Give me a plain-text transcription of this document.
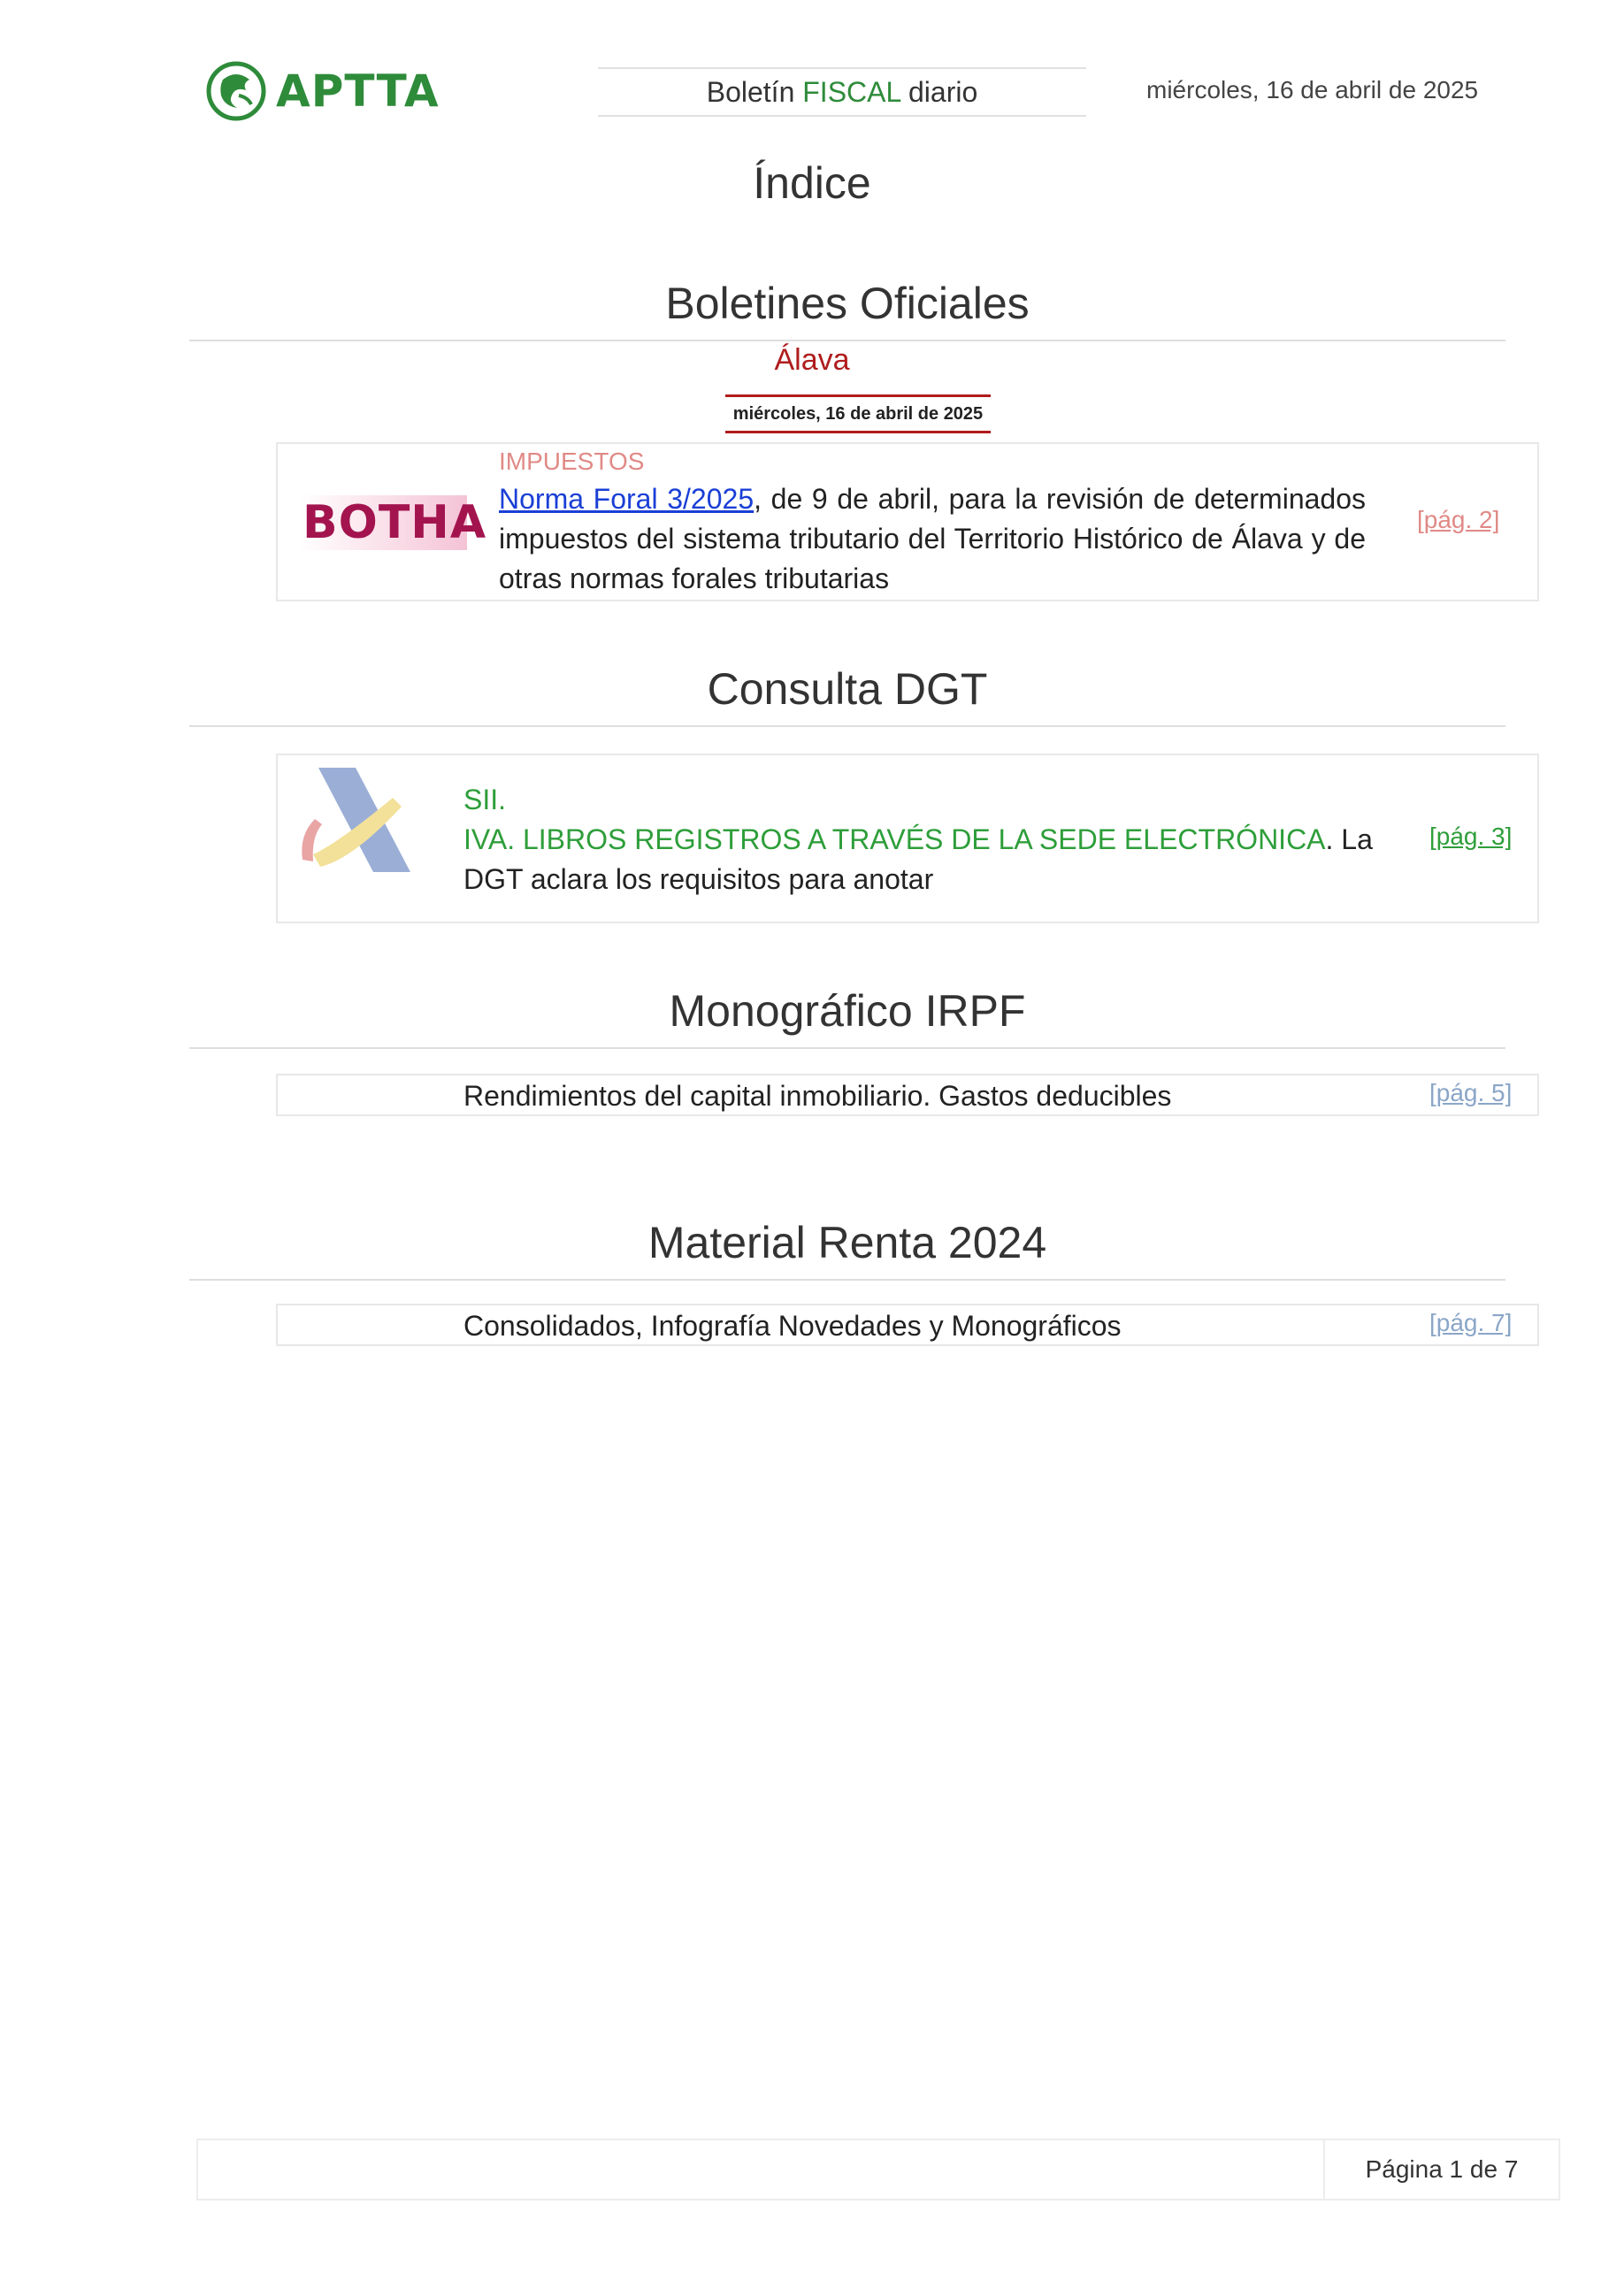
APTTA	Boletín FISCAL diario	miércoles, 16 de abril de 2025
Índice
Boletines Oficiales
Álava
miércoles, 16 de abril de 2025
BOTHA
IMPUESTOS

Norma Foral 3/2025, de 9 de abril, para la revisión de determinados impuestos del sistema tributario del Territorio Histórico de Álava y de otras normas forales tributarias

[pág. 2]
Consulta DGT
SII.
IVA. LIBROS REGISTROS A TRAVÉS DE LA SEDE ELECTRÓNICA. La DGT aclara los requisitos para anotar
[pág. 3]
Monográfico IRPF
Rendimientos del capital inmobiliario. Gastos deducibles	[pág. 5]
Material Renta 2024
Consolidados, Infografía Novedades y Monográficos	[pág. 7]
Página 1 de 7
